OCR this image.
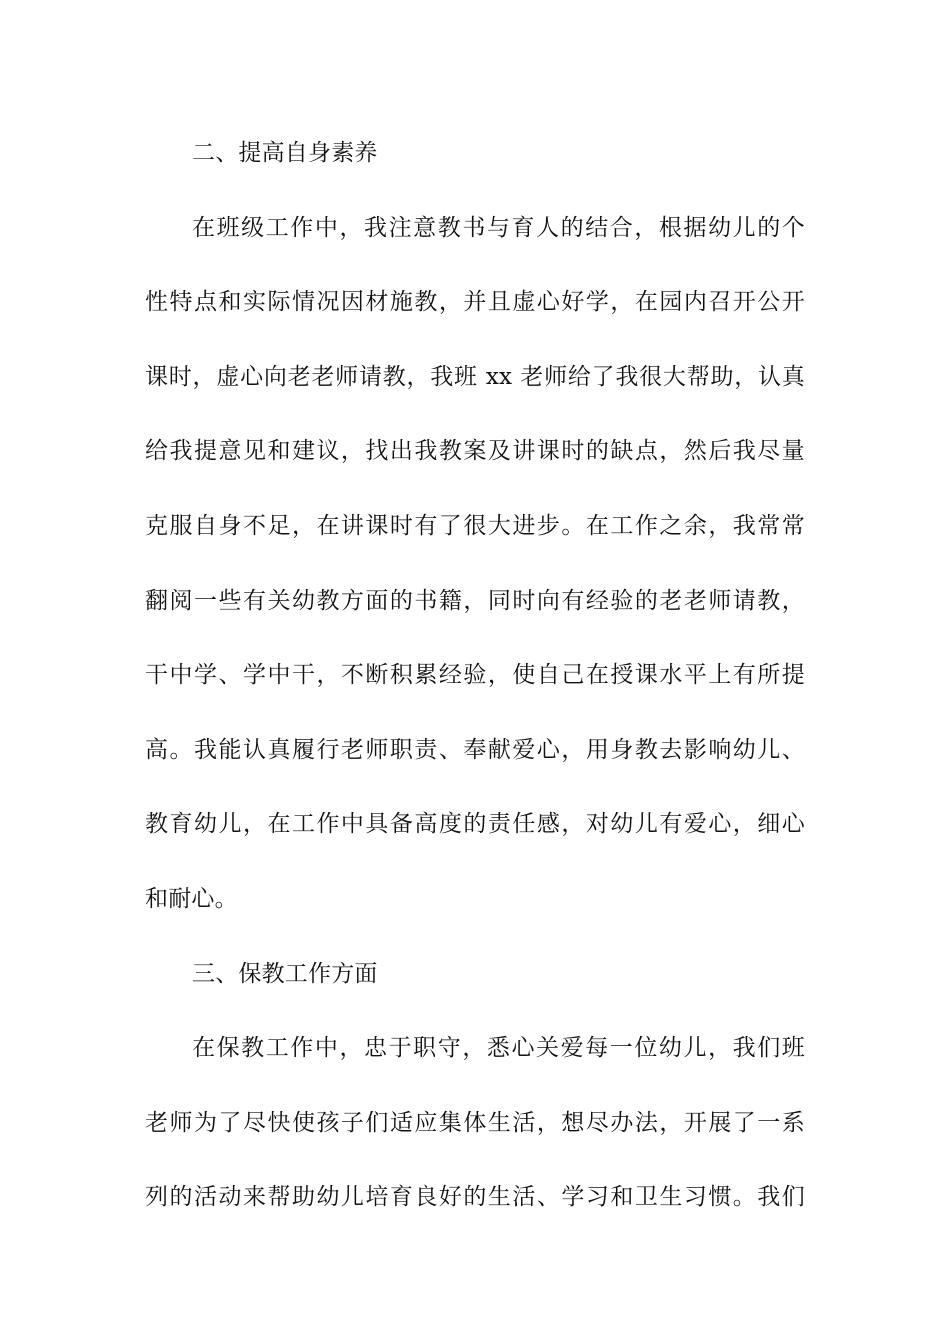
二、提高自身素养
在班级工作中，我注意教书与育人的结合，根据幼儿的个
性特点和实际情况因材施教，并且虚心好学，在园内召开公开
课时，虚心向老老师请教，我班 xx 老师给了我很大帮助，认真
给我提意见和建议，找出我教案及讲课时的缺点，然后我尽量
克服自身不足，在讲课时有了很大进步。在工作之余，我常常
翻阅一些有关幼教方面的书籍，同时向有经验的老老师请教，
干中学、学中干，不断积累经验，使自己在授课水平上有所提
高。我能认真履行老师职责、奉献爱心，用身教去影响幼儿、
教育幼儿，在工作中具备高度的责任感，对幼儿有爱心，细心
和耐心。
三、保教工作方面
在保教工作中，忠于职守，悉心关爱每一位幼儿，我们班
老师为了尽快使孩子们适应集体生活，想尽办法，开展了一系
列的活动来帮助幼儿培育良好的生活、学习和卫生习惯。我们
